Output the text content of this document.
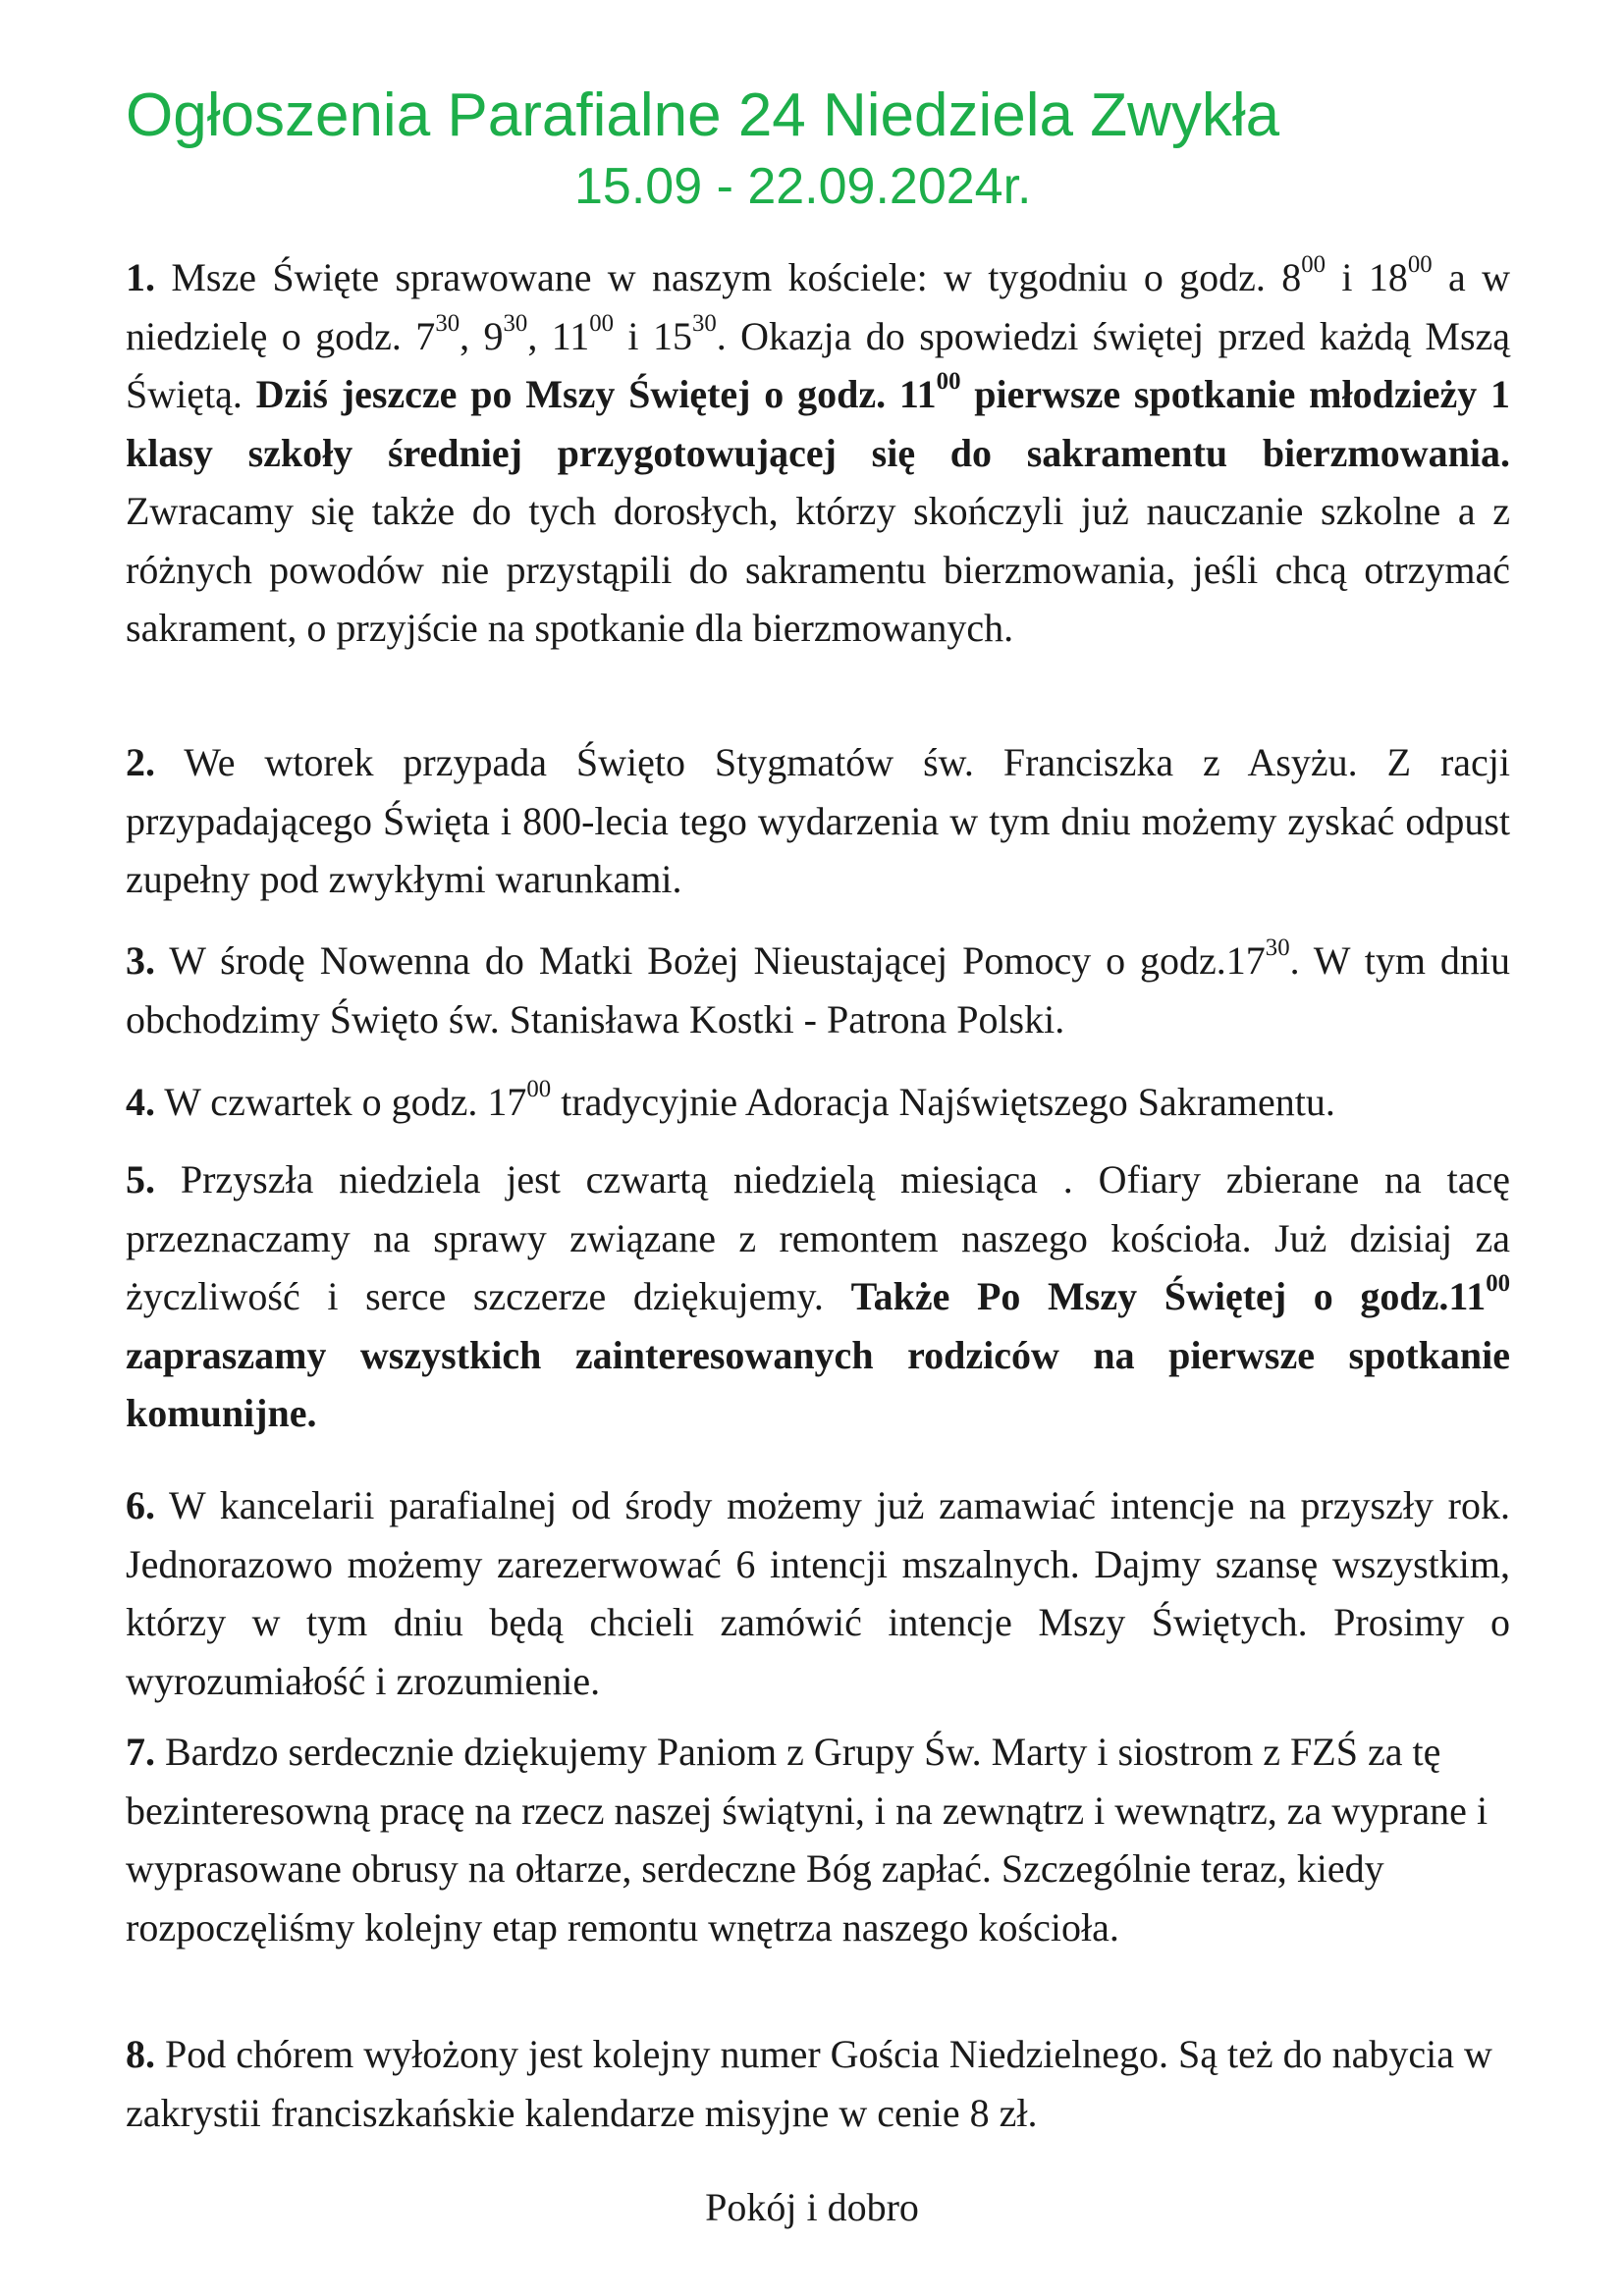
Ogłoszenia Parafialne 24 Niedziela Zwykła
15.09 - 22.09.2024r.

1. Msze Święte sprawowane w naszym kościele: w tygodniu o godz. $8^{00}$ i $18^{00}$ a w niedzielę o godz. $7^{30}$, $9^{30}$, $11^{00}$ i $15^{30}$. Okazja do spowiedzi świętej przed każdą Mszą Świętą. Dziś jeszcze po Mszy Świętej o godz. $11^{00}$ pierwsze spotkanie młodzieży 1 klasy szkoły średniej przygotowującej się do sakramentu bierzmowania. Zwracamy się także do tych dorosłych, którzy skończyli już nauczanie szkolne a z różnych powodów nie przystąpili do sakramentu bierzmowania, jeśli chcą otrzymać sakrament, o przyjście na spotkanie dla bierzmowanych.

2. We wtorek przypada Święto Stygmatów św. Franciszka z Asyżu. Z racji przypadającego Święta i 800-lecia tego wydarzenia w tym dniu możemy zyskać odpust zupełny pod zwykłymi warunkami.

3. W środę Nowenna do Matki Bożej Nieustającej Pomocy o $godz.17^{30}$. W tym dniu obchodzimy Święto św. Stanisława Kostki - Patrona Polski.

4. W czwartek o godz. $17^{00}$ tradycyjnie Adoracja Najświętszego Sakramentu.

5. Przyszła niedziela jest czwartą niedzielą miesiąca . Ofiary zbierane na tacę przeznaczamy na sprawy związane z remontem naszego kościoła. Już dzisiaj za życzliwość i serce szczerze dziękujemy. Także Po Mszy Świętej o $godz.11^{00}$ zapraszamy wszystkich zainteresowanych rodziców na pierwsze spotkanie komunijne.

6. W kancelarii parafialnej od środy możemy już zamawiać intencje na przyszły rok. Jednorazowo możemy zarezerwować 6 intencji mszalnych. Dajmy szansę wszystkim, którzy w tym dniu będą chcieli zamówić intencje Mszy Świętych. Prosimy o wyrozumiałość i zrozumienie.

7. Bardzo serdecznie dziękujemy Paniom z Grupy Św. Marty i siostrom z FZŚ za tę bezinteresowną pracę na rzecz naszej świątyni, i na zewnątrz i wewnątrz, za wyprane i wyprasowane obrusy na ołtarze, serdeczne Bóg zapłać. Szczególnie teraz, kiedy rozpoczęliśmy kolejny etap remontu wnętrza naszego kościoła.

8. Pod chórem wyłożony jest kolejny numer Gościa Niedzielnego. Są też do nabycia w zakrystii franciszkańskie kalendarze misyjne w cenie 8 zł.

Pokój i dobro
